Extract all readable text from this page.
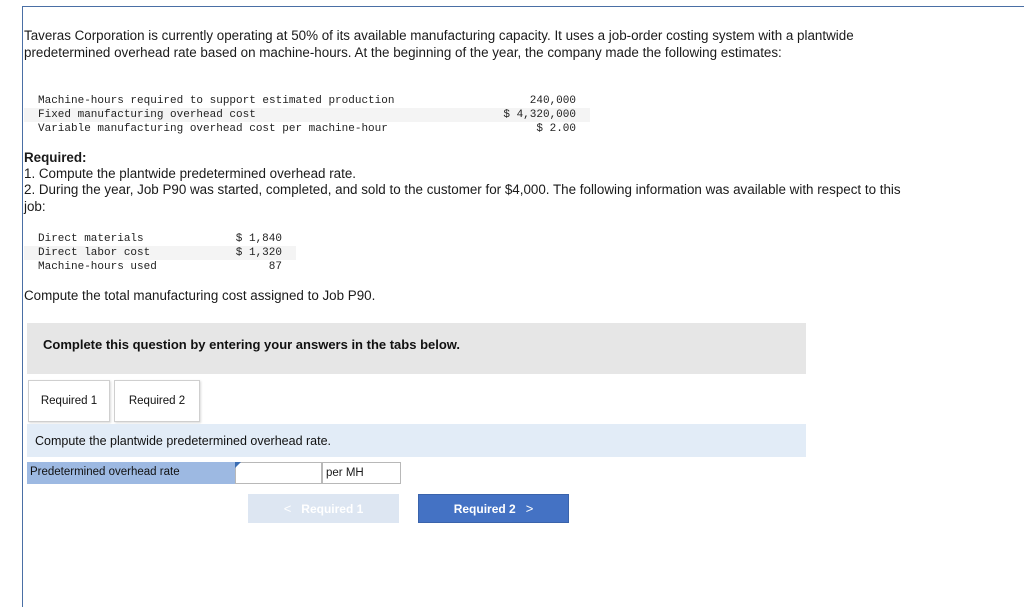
Taveras Corporation is currently operating at 50% of its available manufacturing capacity. It uses a job-order costing system with a plantwide predetermined overhead rate based on machine-hours. At the beginning of the year, the company made the following estimates:

Machine-hours required to support estimated production	240,000
Fixed manufacturing overhead cost	$ 4,320,000
Variable manufacturing overhead cost per machine-hour	$ 2.00

Required:

1. Compute the plantwide predetermined overhead rate.

2. During the year, Job P90 was started, completed, and sold to the customer for $4,000. The following information was available with respect to this job:

Direct materials	$ 1,840
Direct labor cost	$ 1,320
Machine-hours used	87

Compute the total manufacturing cost assigned to Job P90.

Complete this question by entering your answers in the tabs below.
Required 1	Required 2
Compute the plantwide predetermined overhead rate.
Predetermined overhead rate	per MH
< Required 1	Required 2 >
